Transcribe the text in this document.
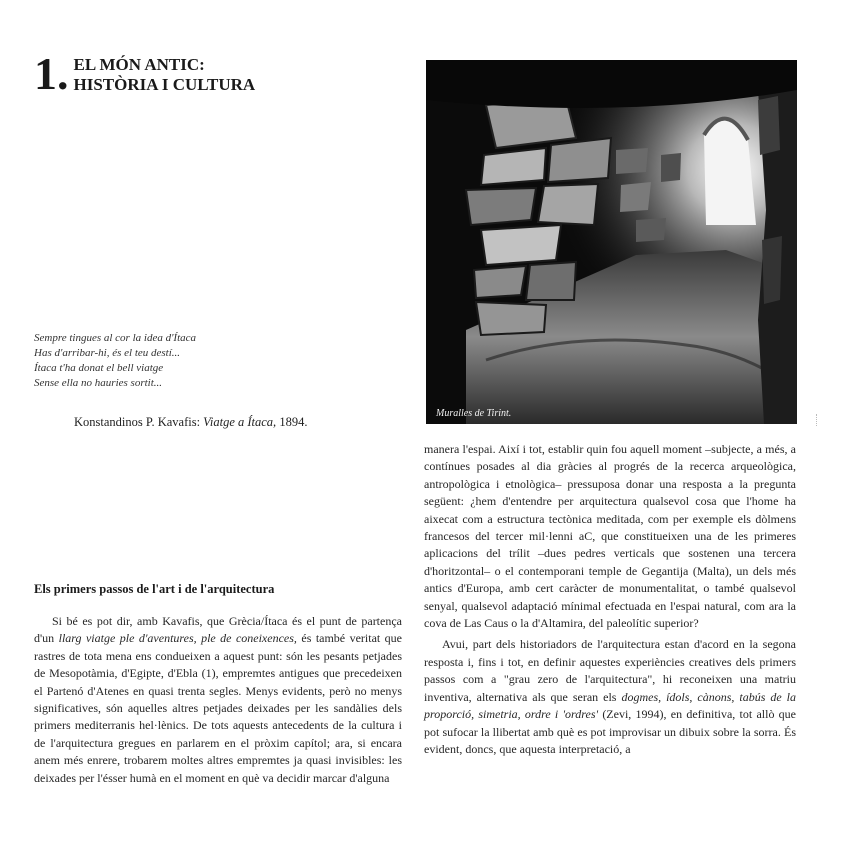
1. EL MÓN ANTIC:
HISTÒRIA I CULTURA
Muralles de Tirint.
Sempre tingues al cor la idea d'Ítaca
Has d'arribar-hi, és el teu destí...
Ítaca t'ha donat el bell viatge
Sense ella no hauries sortit...
Konstandinos P. Kavafis: Viatge a Ítaca, 1894.
Els primers passos de l'art i de l'arquitectura

Si bé es pot dir, amb Kavafis, que Grècia/Ítaca és el punt de partença d'un llarg viatge ple d'aventures, ple de coneixences, és també veritat que rastres de tota mena ens condueixen a aquest punt: són les pesants petjades de Mesopotàmia, d'Egipte, d'Ebla (1), empremtes antigues que precedeixen el Partenó d'Atenes en quasi trenta segles. Menys evidents, però no menys significatives, són aquelles altres petjades deixades per les sandàlies dels primers mediterranis hel·lènics. De tots aquests antecedents de la cultura i de l'arquitectura gregues en parlarem en el pròxim capítol; ara, si encara anem més enrere, trobarem moltes altres empremtes ja quasi invisibles: les deixades per l'ésser humà en el moment en què va decidir marcar d'alguna

manera l'espai. Així i tot, establir quin fou aquell moment –subjecte, a més, a contínues posades al dia gràcies al progrés de la recerca arqueològica, antropològica i etnològica– pressuposa donar una resposta a la pregunta següent: ¿hem d'entendre per arquitectura qualsevol cosa que l'home ha aixecat com a estructura tectònica meditada, com per exemple els dòlmens francesos del tercer mil·lenni aC, que constitueixen una de les primeres aplicacions del trílit –dues pedres verticals que sostenen una tercera d'horitzontal– o el contemporani temple de Gegantija (Malta), un dels més antics d'Europa, amb cert caràcter de monumentalitat, o també qualsevol senyal, qualsevol adaptació mínimal efectuada en l'espai natural, com ara la cova de Las Caus o la d'Altamira, del paleolític superior?

Avui, part dels historiadors de l'arquitectura estan d'acord en la segona resposta i, fins i tot, en definir aquestes experiències creatives dels primers passos com a "grau zero de l'arquitectura", hi reconeixen una matriu inventiva, alternativa als que seran els dogmes, ídols, cànons, tabús de la proporció, simetria, ordre i 'ordres' (Zevi, 1994), en definitiva, tot allò que pot sufocar la llibertat amb què es pot improvisar un dibuix sobre la sorra. És evident, doncs, que aquesta interpretació, a
